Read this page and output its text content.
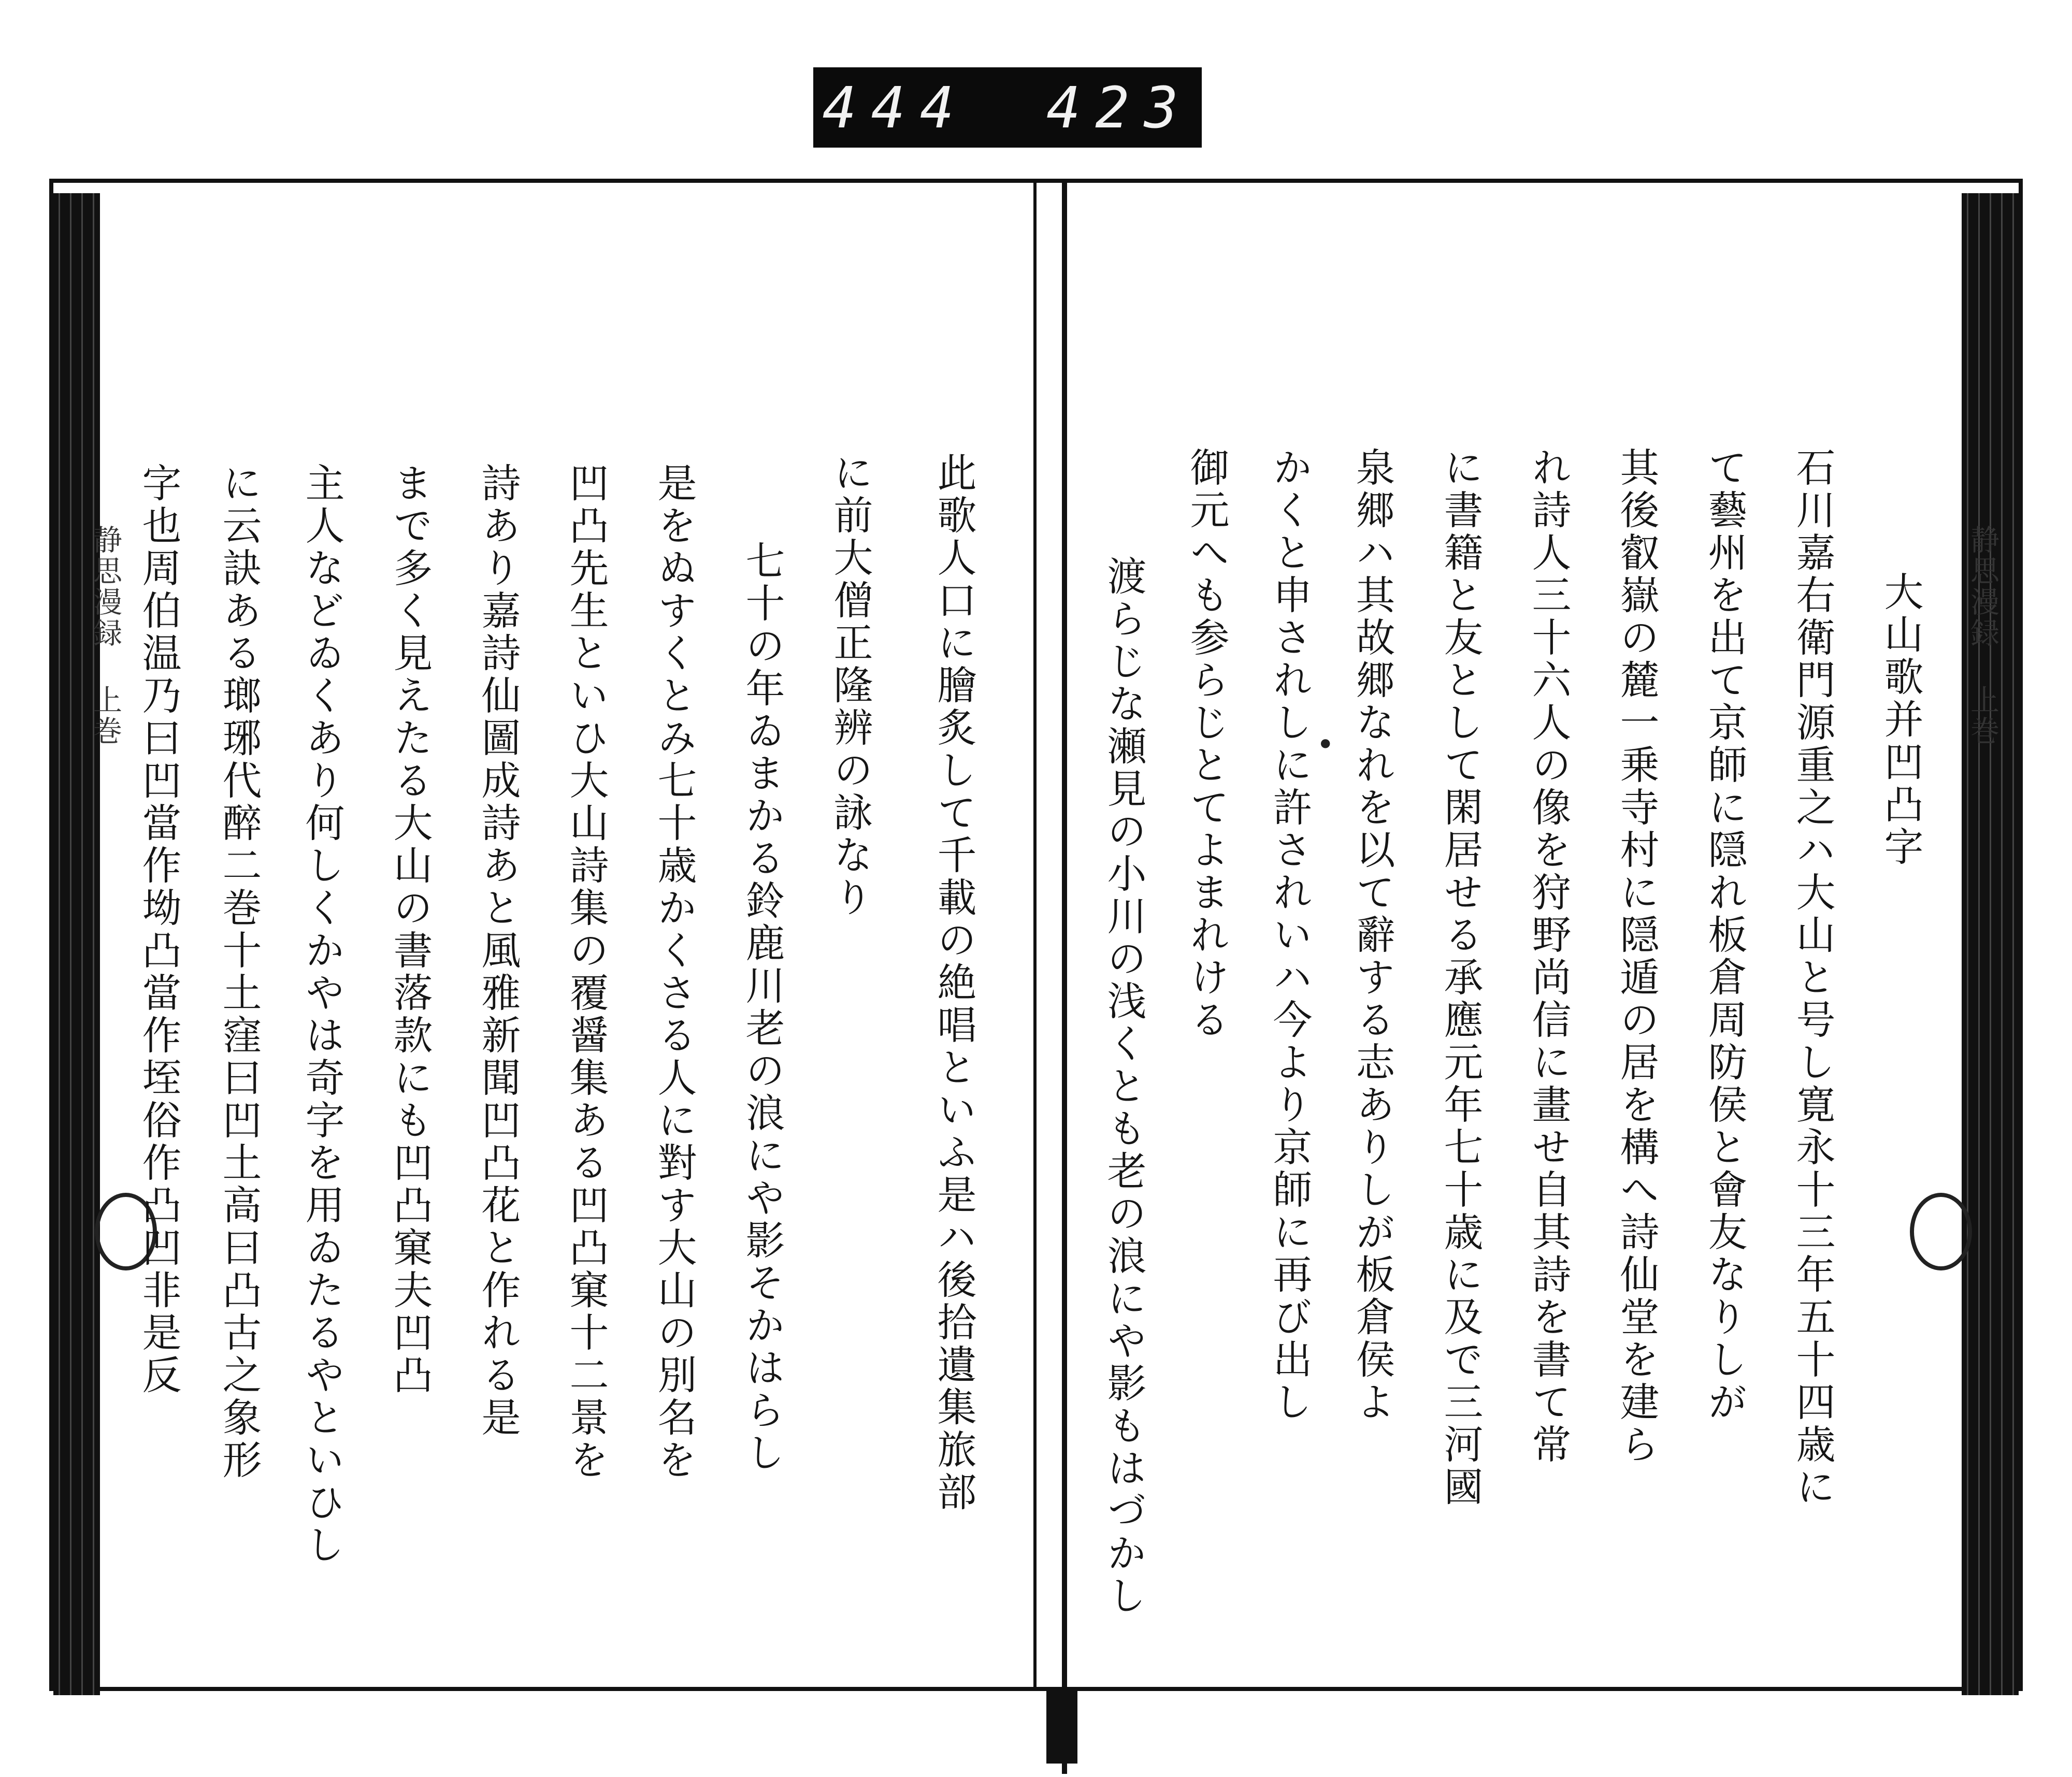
444 423
静思漫録 上巻	此歌人口に膾炙して千載の絶唱といふ是ハ後拾遺集旅部
に前大僧正隆辨の詠なり
七十の年ゐまかる鈴鹿川老の浪にや影そかはらし
是をぬすくとみ七十歳かくさる人に對す大山の別名を
凹凸先生といひ大山詩集の覆醤集ある凹凸窠十二景を
詩あり嘉詩仙圖成詩あと風雅新聞凹凸花と作れる是
まで多く見えたる大山の書落款にも凹凸窠夫凹凸
主人などゐくあり何しくかやは奇字を用ゐたるやといひし
に云訣ある瑯琊代醉二巻十土窪曰凹土高曰凸古之象形
字也周伯温乃曰凹當作坳凸當作垤俗作凸凹非是反	静思漫録 上巻
•	大山歌并凹凸字
石川嘉右衛門源重之ハ大山と号し寛永十三年五十四歳に
て藝州を出て京師に隠れ板倉周防侯と會友なりしが
其後叡嶽の麓一乗寺村に隠遁の居を構へ詩仙堂を建ら
れ詩人三十六人の像を狩野尚信に畫せ自其詩を書て常
に書籍と友として閑居せる承應元年七十歳に及で三河國
泉郷ハ其故郷なれを以て辭する志ありしが板倉侯よ
かくと申されしに許されいハ今より京師に再び出し
御元へも参らじとてよまれける
渡らじな瀬見の小川の浅くとも老の浪にや影もはづかし
